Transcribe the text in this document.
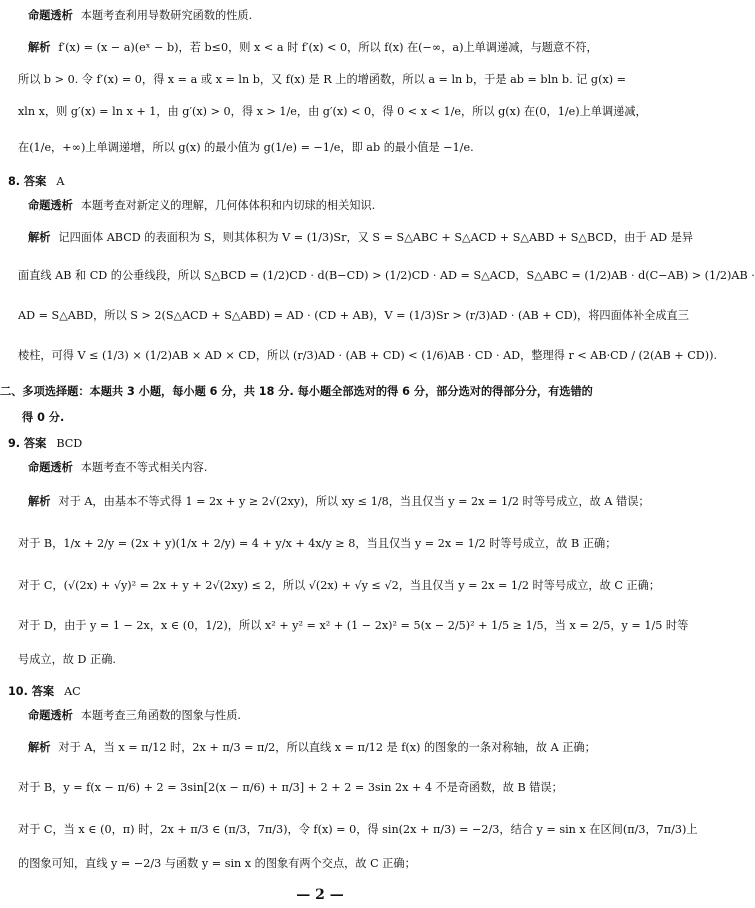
命题透析 本题考查利用导数研究函数的性质.
解析 f′(x) = (x − a)(eˣ − b)，若 b≤0，则 x < a 时 f′(x) < 0，所以 f(x) 在(−∞，a)上单调递减，与题意不符，
所以 b > 0. 令 f′(x) = 0，得 x = a 或 x = ln b，又 f(x) 是 R 上的增函数，所以 a = ln b，于是 ab = bln b. 记 g(x) =
xln x，则 g′(x) = ln x + 1，由 g′(x) > 0，得 x > 1/e，由 g′(x) < 0，得 0 < x < 1/e，所以 g(x) 在(0，1/e)上单调递减，
在(1/e，+∞)上单调递增，所以 g(x) 的最小值为 g(1/e) = −1/e，即 ab 的最小值是 −1/e.
8. 答案 A
命题透析 本题考查对新定义的理解，几何体体积和内切球的相关知识.
解析 记四面体 ABCD 的表面积为 S，则其体积为 V = (1/3)Sr，又 S = S△ABC + S△ACD + S△ABD + S△BCD，由于 AD 是异
面直线 AB 和 CD 的公垂线段，所以 S△BCD = (1/2)CD · d(B−CD) > (1/2)CD · AD = S△ACD，S△ABC = (1/2)AB · d(C−AB) > (1/2)AB ·
AD = S△ABD，所以 S > 2(S△ACD + S△ABD) = AD · (CD + AB)，V = (1/3)Sr > (r/3)AD · (AB + CD)，将四面体补全成直三
棱柱，可得 V ≤ (1/3) × (1/2)AB × AD × CD，所以 (r/3)AD · (AB + CD) < (1/6)AB · CD · AD，整理得 r < AB·CD / (2(AB + CD)).
二、多项选择题：本题共 3 小题，每小题 6 分，共 18 分. 每小题全部选对的得 6 分，部分选对的得部分分，有选错的
得 0 分.
9. 答案 BCD
命题透析 本题考查不等式相关内容.
解析 对于 A，由基本不等式得 1 = 2x + y ≥ 2√(2xy)，所以 xy ≤ 1/8，当且仅当 y = 2x = 1/2 时等号成立，故 A 错误；
对于 B，1/x + 2/y = (2x + y)(1/x + 2/y) = 4 + y/x + 4x/y ≥ 8，当且仅当 y = 2x = 1/2 时等号成立，故 B 正确；
对于 C，(√(2x) + √y)² = 2x + y + 2√(2xy) ≤ 2，所以 √(2x) + √y ≤ √2，当且仅当 y = 2x = 1/2 时等号成立，故 C 正确；
对于 D，由于 y = 1 − 2x，x ∈ (0，1/2)，所以 x² + y² = x² + (1 − 2x)² = 5(x − 2/5)² + 1/5 ≥ 1/5，当 x = 2/5，y = 1/5 时等
号成立，故 D 正确.
10. 答案 AC
命题透析 本题考查三角函数的图象与性质.
解析 对于 A，当 x = π/12 时，2x + π/3 = π/2，所以直线 x = π/12 是 f(x) 的图象的一条对称轴，故 A 正确；
对于 B，y = f(x − π/6) + 2 = 3sin[2(x − π/6) + π/3] + 2 + 2 = 3sin 2x + 4 不是奇函数，故 B 错误；
对于 C，当 x ∈ (0，π) 时，2x + π/3 ∈ (π/3，7π/3)，令 f(x) = 0，得 sin(2x + π/3) = −2/3，结合 y = sin x 在区间(π/3，7π/3)上
的图象可知，直线 y = −2/3 与函数 y = sin x 的图象有两个交点，故 C 正确；
— 2 —
